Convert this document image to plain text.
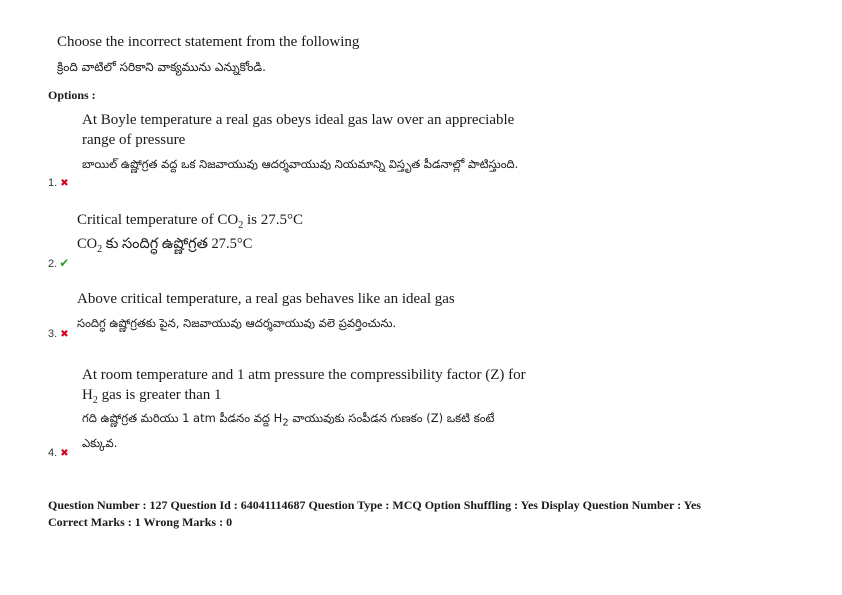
Choose the incorrect statement from the following
క్రింది వాటిలో సరికాని వాక్యమును ఎన్నుకోండి.
Options :
At Boyle temperature a real gas obeys ideal gas law over an appreciable
range of pressure
బాయిల్ ఉష్ణోగ్రత వద్ద ఒక నిజవాయువు ఆదర్శవాయువు నియమాన్ని విస్తృత పీడనాల్లో పాటిస్తుంది.
1. ✖
Critical temperature of $CO_2$ is 27.5°C
$CO_2$ కు సందిగ్ధ ఉష్ణోగ్రత 27.5°C
2. ✔
Above critical temperature, a real gas behaves like an ideal gas
సందిగ్ధ ఉష్ణోగ్రతకు పైన, నిజవాయువు ఆదర్శవాయువు వలె ప్రవర్తించును.
3. ✖
At room temperature and 1 atm pressure the compressibility factor (Z) for
$H_2$ gas is greater than 1
గది ఉష్ణోగ్రత మరియు 1 atm పీడనం వద్ద $H_2$ వాయువుకు సంపీడన గుణకం (Z) ఒకటి కంటే
ఎక్కువ.
4. ✖
Question Number : 127 Question Id : 64041114687 Question Type : MCQ Option Shuffling : Yes Display Question Number : Yes
Correct Marks : 1 Wrong Marks : 0
